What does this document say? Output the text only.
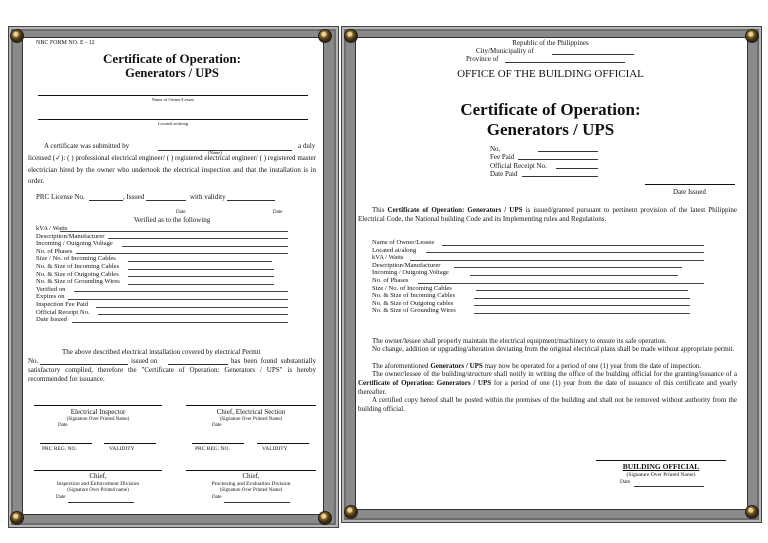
NBC FORM NO. E - 12
Certificate of Operation:
Generators / UPS
Name of Owner/Lessee
Located at/along
A certificate was submitted by
(Name)
a duly
licensed (✓): ( ) professional electrical engineer/ ( ) registered electrical engineer/ ( ) registered master electrician hired by the owner who undertook the electrical inspection and that the installation is in order.
PRC License No.	, Issued	with validity
Date	Date
Verified as to the following
kVA / Watts
Description/Manufacturer
Incoming / Outgoing Voltage
No. of Phases
Size / No. of Incoming Cables
No. & Size of Incoming Cables
No. & Size of Outgoing Cables
No. & Size of Grounding Wires
Verified on
Expires on
Inspection Fee Paid
Official Receipt No.
Date Issued
The above described electrical installation covered by electrical Permit
No.	issued on	has been found substantially satisfactory complied, therefore the "Certificate of Operation: Generators / UPS" is hereby recommended for issuance.
Electrical Inspector
(Signature Over Printed Name)
Date
Chief, Electrical Section
(Signature Over Printed Name)
Date
PRC REG. NO.	VALIDITY	PRC REG. NO.	VALIDITY
Chief,
Inspection and Enforcement Division
(Signature Over Printed name)
Date
Chief,
Processing and Evaluation Division
(Signature Over Printed Name)
Date
Republic of the Philippines
City/Municipality of
Province of
OFFICE OF THE BUILDING OFFICIAL
Certificate of Operation:
Generators / UPS
No.
Fee Paid
Official Receipt No.
Date Paid
Date Issued
This Certificate of Operation: Generators / UPS is issued/granted pursuant to pertinent provision of the latest Philippine Electrical Code, the National building Code and its Implementing rules and Regulations.
Name of Owner/Lessee
Located at/along
kVA / Watts
Description/Manufacturer
Incoming / Outgoing Voltage
No. of Phases
Size / No. of Incoming Cables
No. & Size of Incoming Cables
No. & Size of Outgoing cables
No. & Size of Grounding Wires
The owner/lessee shall properly maintain the electrical equipment/machinery to ensure its safe operation.
No change, addition or upgrading/alteration deviating from the original electrical plans shall be made without appropriate permit.
The aforementioned Generators / UPS may now be operated for a period of one (1) year from the date of inspection.
The owner/lessee of the building/structure shall notify in writing the office of the building official for the granting/issuance of a Certificate of Operation: Generators / UPS for a period of one (1) year from the date of issuance of this certificate and yearly thereafter.
A certified copy hereof shall be posted within the premises of the building and shall not be removed without authority from the building official.
BUILDING OFFICIAL
(Signature Over Printed Name)
Date
